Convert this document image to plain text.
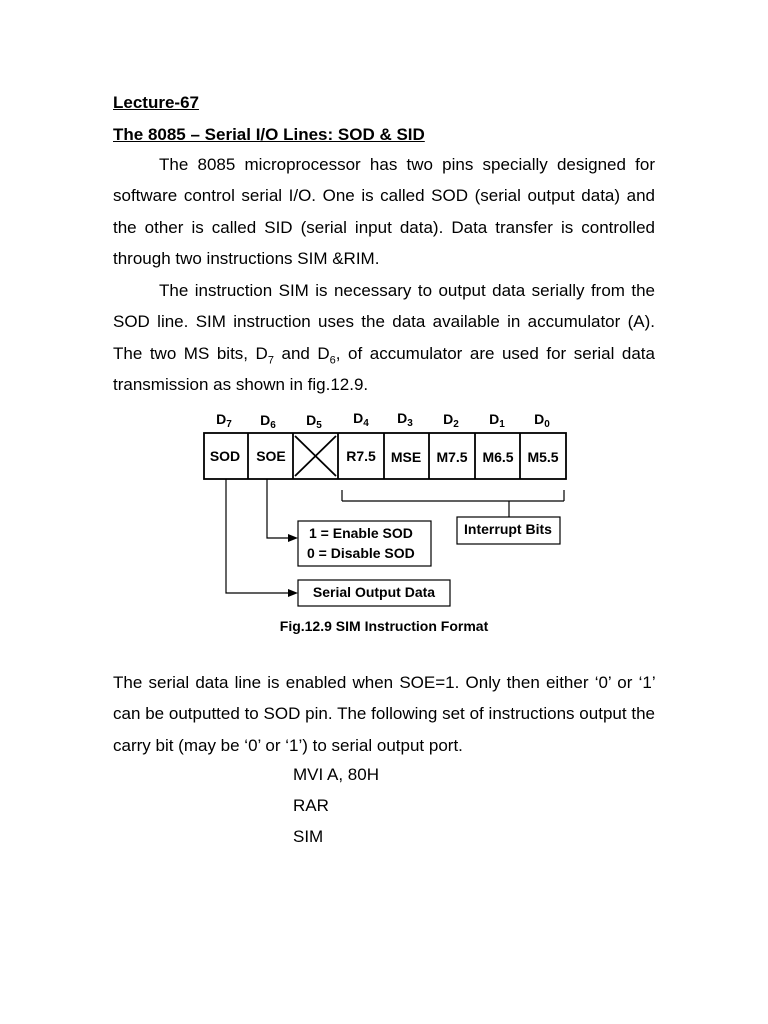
Lecture-67
The 8085 – Serial I/O Lines: SOD & SID
The 8085 microprocessor has two pins specially designed for software control serial I/O. One is called SOD (serial output data) and the other is called SID (serial input data). Data transfer is controlled through two instructions SIM &RIM.
The instruction SIM is necessary to output data serially from the SOD line. SIM instruction uses the data available in accumulator (A). The two MS bits, $D_7$ and $D_6$, of accumulator are used for serial data transmission as shown in fig.12.9.
$D_7$ $D_6$ $D_5$ $D_4$ $D_3$ $D_2$ $D_1$ $D_0$
SOD SOE	R7.5 MSE M7.5 M6.5 M5.5
Interrupt Bits
1 = Enable SOD
0 = Disable SOD
Serial Output Data
Fig.12.9 SIM Instruction Format
The serial data line is enabled when SOE=1. Only then either ‘0’ or ‘1’ can be outputted to SOD pin. The following set of instructions output the carry bit (may be ‘0’ or ‘1’) to serial output port.
MVI A, 80H
RAR
SIM
